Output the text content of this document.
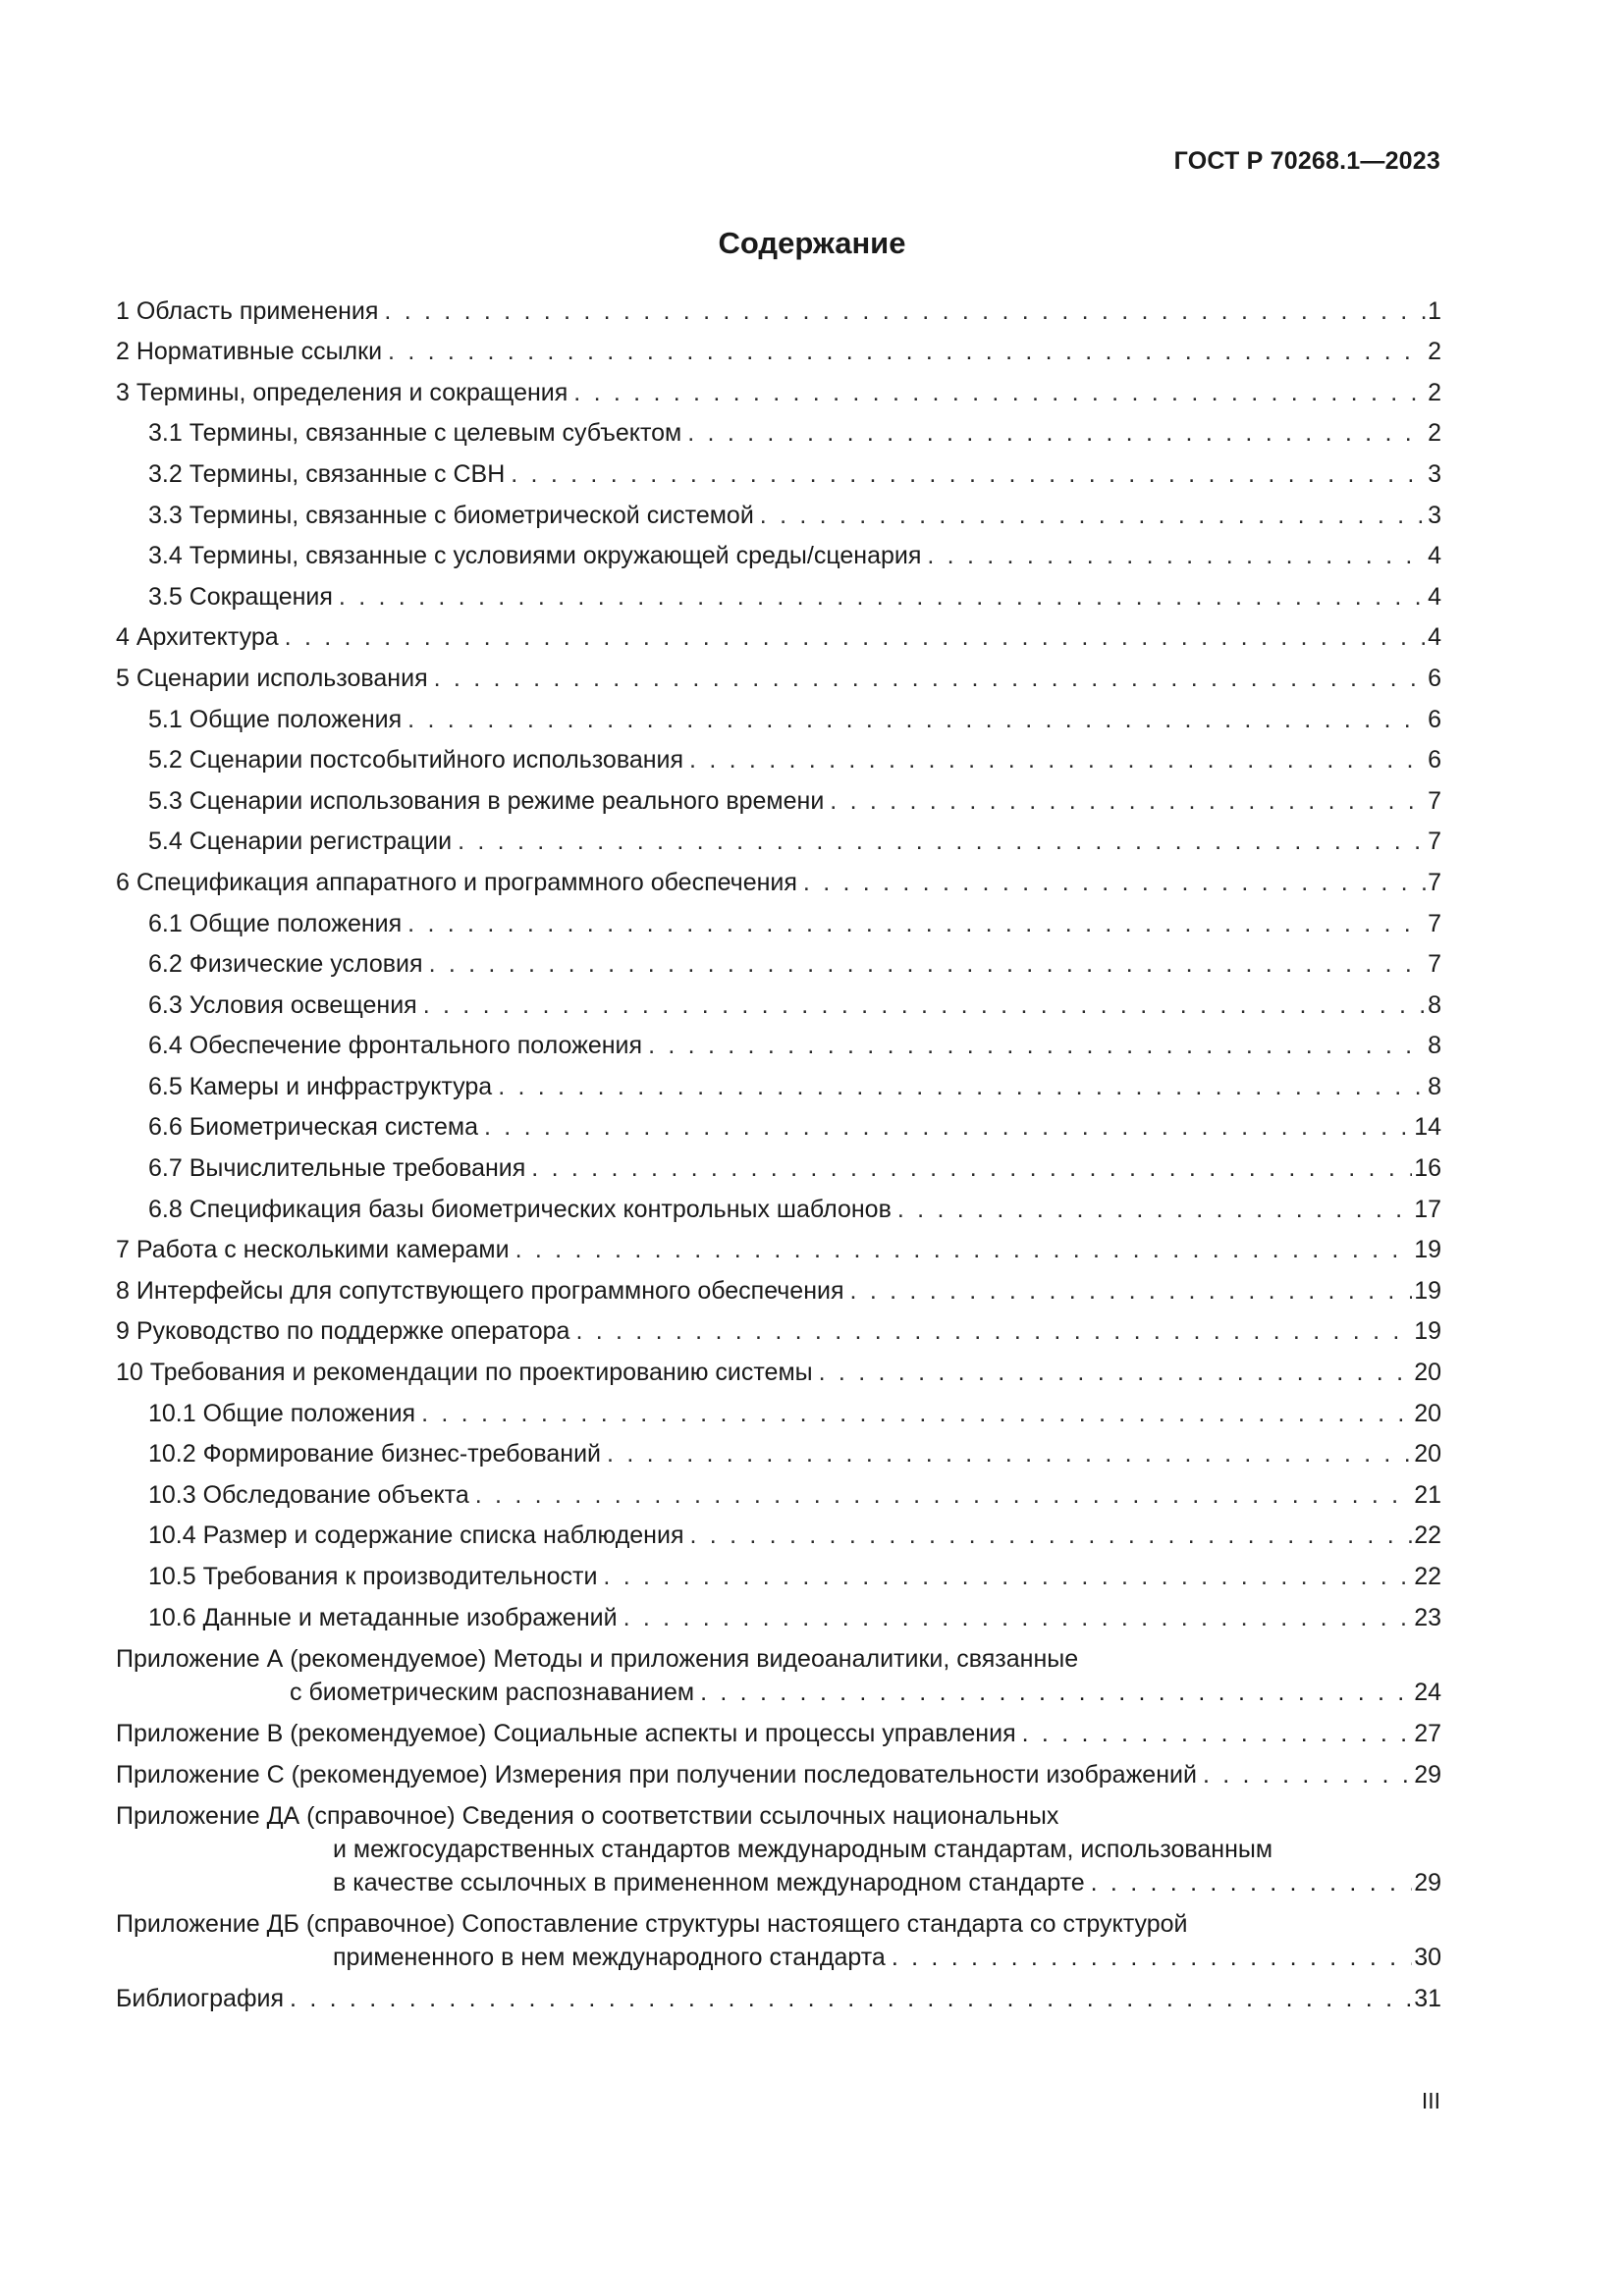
ГОСТ Р 70268.1—2023
Содержание
1 Область применения . . .	1
2 Нормативные ссылки . . .	2
3 Термины, определения и сокращения . . .	2
3.1 Термины, связанные с целевым субъектом . . .	2
3.2 Термины, связанные с СВН . . .	3
3.3 Термины, связанные с биометрической системой . . .	3
3.4 Термины, связанные с условиями окружающей среды/сценария . . .	4
3.5 Сокращения . . .	4
4 Архитектура . . .	4
5 Сценарии использования . . .	6
5.1 Общие положения . . .	6
5.2 Сценарии постсобытийного использования . . .	6
5.3 Сценарии использования в режиме реального времени . . .	7
5.4 Сценарии регистрации . . .	7
6 Спецификация аппаратного и программного обеспечения . . .	7
6.1 Общие положения . . .	7
6.2 Физические условия . . .	7
6.3 Условия освещения . . .	8
6.4 Обеспечение фронтального положения . . .	8
6.5 Камеры и инфраструктура . . .	8
6.6 Биометрическая система . . .	14
6.7 Вычислительные требования . . .	16
6.8 Спецификация базы биометрических контрольных шаблонов . . .	17
7 Работа с несколькими камерами . . .	19
8 Интерфейсы для сопутствующего программного обеспечения . . .	19
9 Руководство по поддержке оператора . . .	19
10 Требования и рекомендации по проектированию системы . . .	20
10.1 Общие положения . . .	20
10.2 Формирование бизнес-требований . . .	20
10.3 Обследование объекта . . .	21
10.4 Размер и содержание списка наблюдения . . .	22
10.5 Требования к производительности . . .	22
10.6 Данные и метаданные изображений . . .	23
Приложение А (рекомендуемое) Методы и приложения видеоаналитики, связанные
с биометрическим распознаванием . . .	24
Приложение В (рекомендуемое) Социальные аспекты и процессы управления . . .	27
Приложение С (рекомендуемое) Измерения при получении последовательности изображений . . .	29
Приложение ДА (справочное) Сведения о соответствии ссылочных национальных
и межгосударственных стандартов международным стандартам, использованным
в качестве ссылочных в примененном международном стандарте . . .	29
Приложение ДБ (справочное) Сопоставление структуры настоящего стандарта со структурой
примененного в нем международного стандарта . . .	30
Библиография . . .	31
III
